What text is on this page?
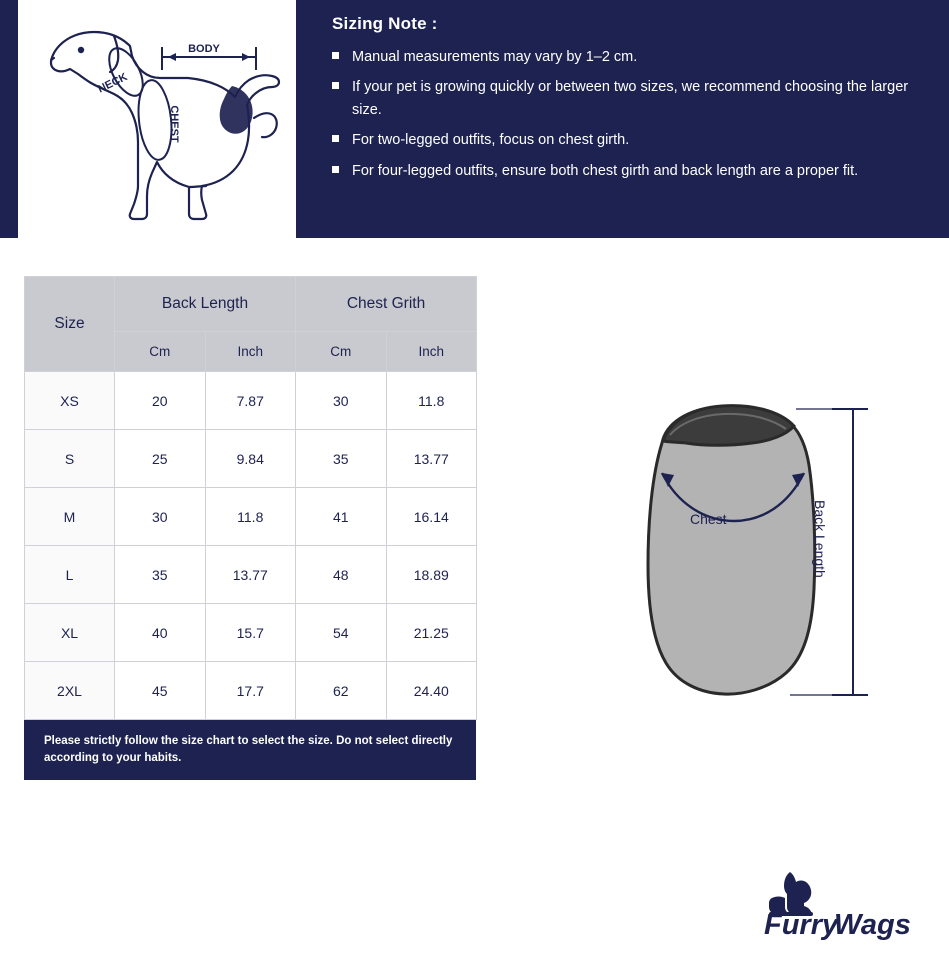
BODY
NECK
CHEST
Sizing Note :
Manual measurements may vary by 1–2 cm.
If your pet is growing quickly or between two sizes, we recommend choosing the larger size.
For two-legged outfits, focus on chest girth.
For four-legged outfits, ensure both chest girth and back length are a proper fit.
Size	Back Length		Chest Grith	
	Cm	Inch	Cm	Inch
XS	20	7.87	30	11.8
S	25	9.84	35	13.77
M	30	11.8	41	16.14
L	35	13.77	48	18.89
XL	40	15.7	54	21.25
2XL	45	17.7	62	24.40
Please strictly follow the size chart to select the size. Do not select directly according to your habits.
Chest	Back Length
Furry
Wags
